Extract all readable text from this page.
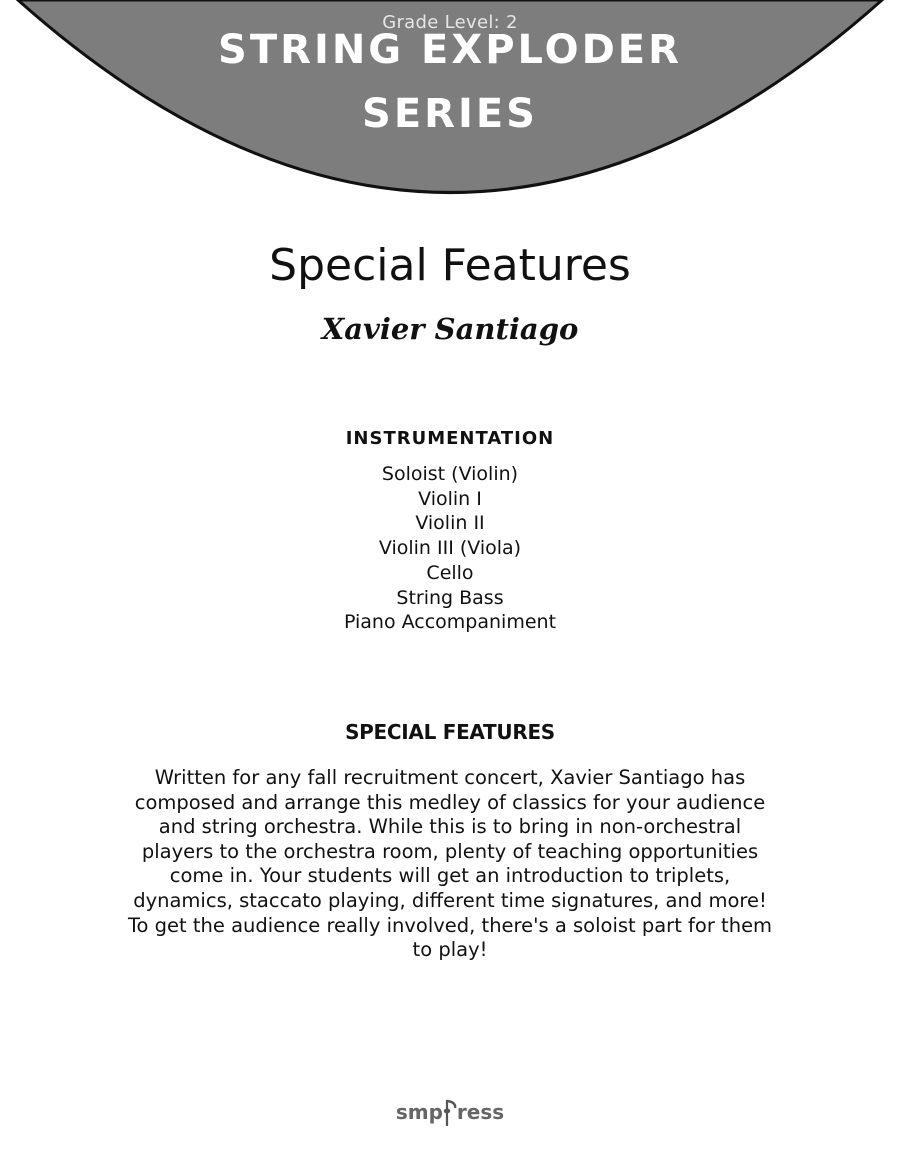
Grade Level: 2
STRING EXPLODER
SERIES
Special Features
Xavier Santiago
INSTRUMENTATION
Soloist (Violin)
Violin I
Violin II
Violin III (Viola)
Cello
String Bass
Piano Accompaniment
SPECIAL FEATURES

Written for any fall recruitment concert, Xavier Santiago has composed and arrange this medley of classics for your audience and string orchestra. While this is to bring in non-orchestral players to the orchestra room, plenty of teaching opportunities come in. Your students will get an introduction to triplets, dynamics, staccato playing, different time signatures, and more! To get the audience really involved, there's a soloist part for them to play!

smp ress
